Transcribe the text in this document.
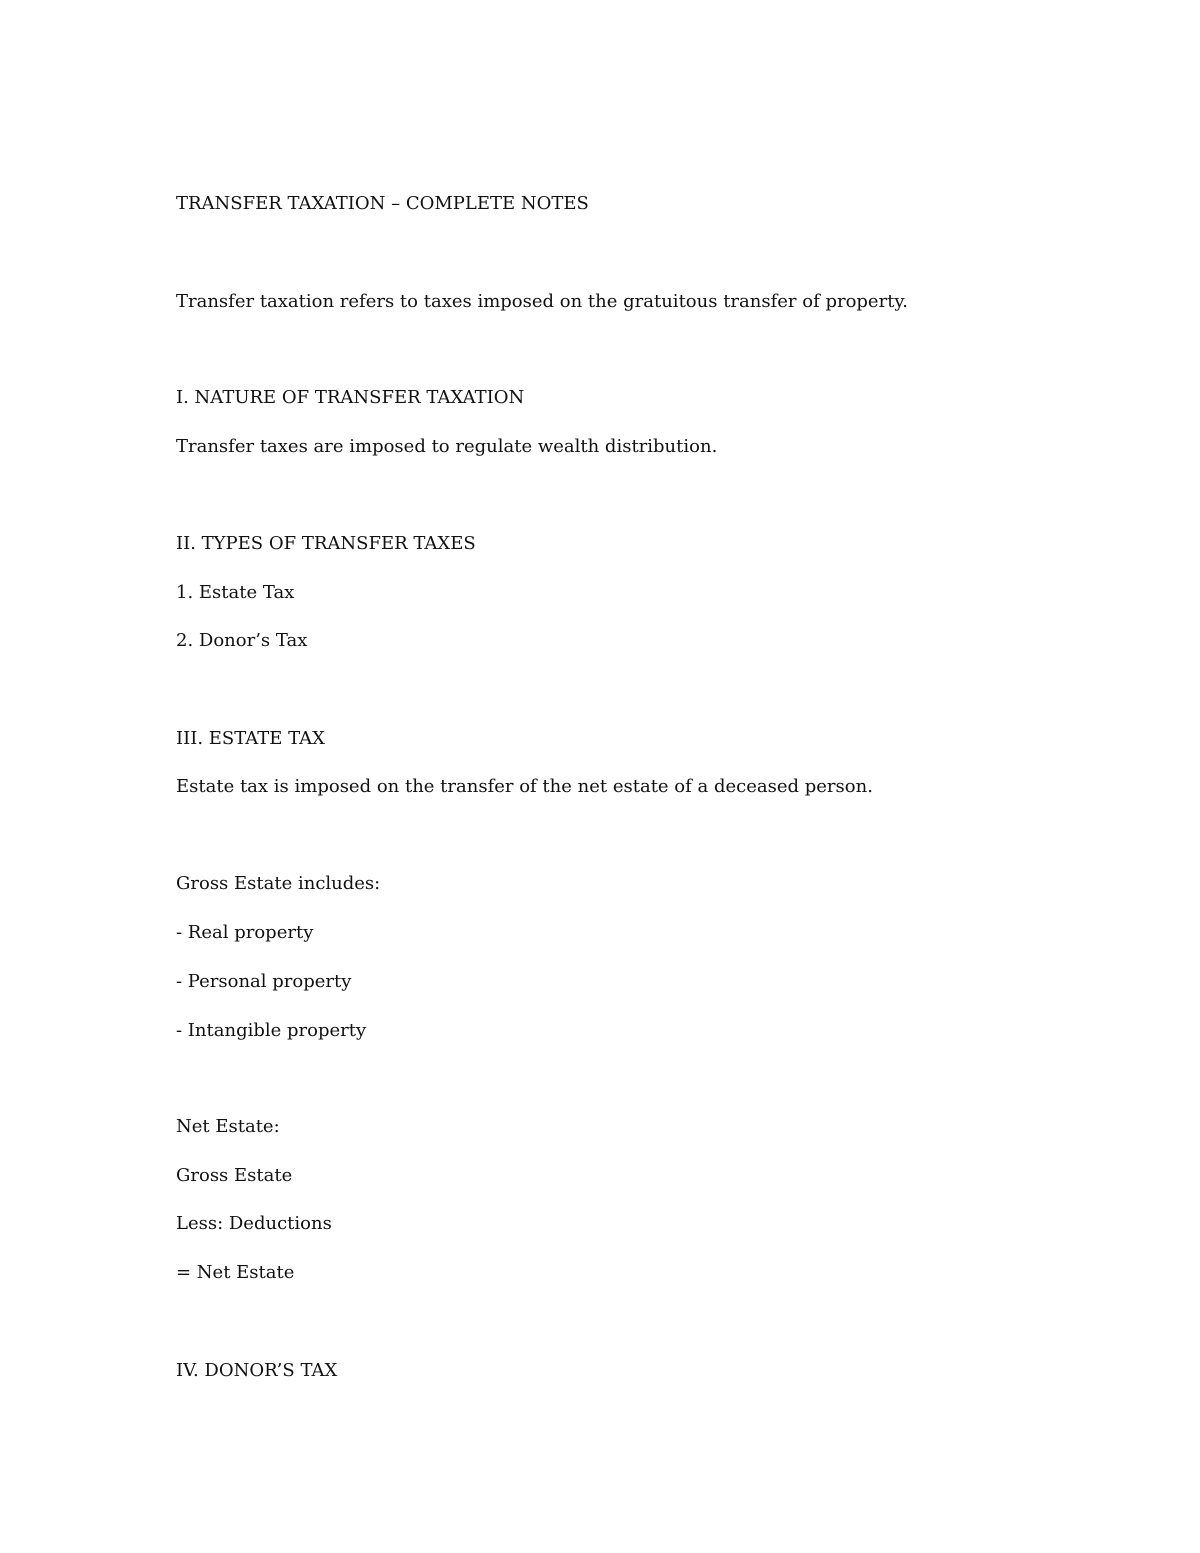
TRANSFER TAXATION – COMPLETE NOTES
Transfer taxation refers to taxes imposed on the gratuitous transfer of property.
I. NATURE OF TRANSFER TAXATION
Transfer taxes are imposed to regulate wealth distribution.
II. TYPES OF TRANSFER TAXES
1. Estate Tax
2. Donor’s Tax
III. ESTATE TAX
Estate tax is imposed on the transfer of the net estate of a deceased person.
Gross Estate includes:
- Real property
- Personal property
- Intangible property
Net Estate:
Gross Estate
Less: Deductions
= Net Estate
IV. DONOR’S TAX
